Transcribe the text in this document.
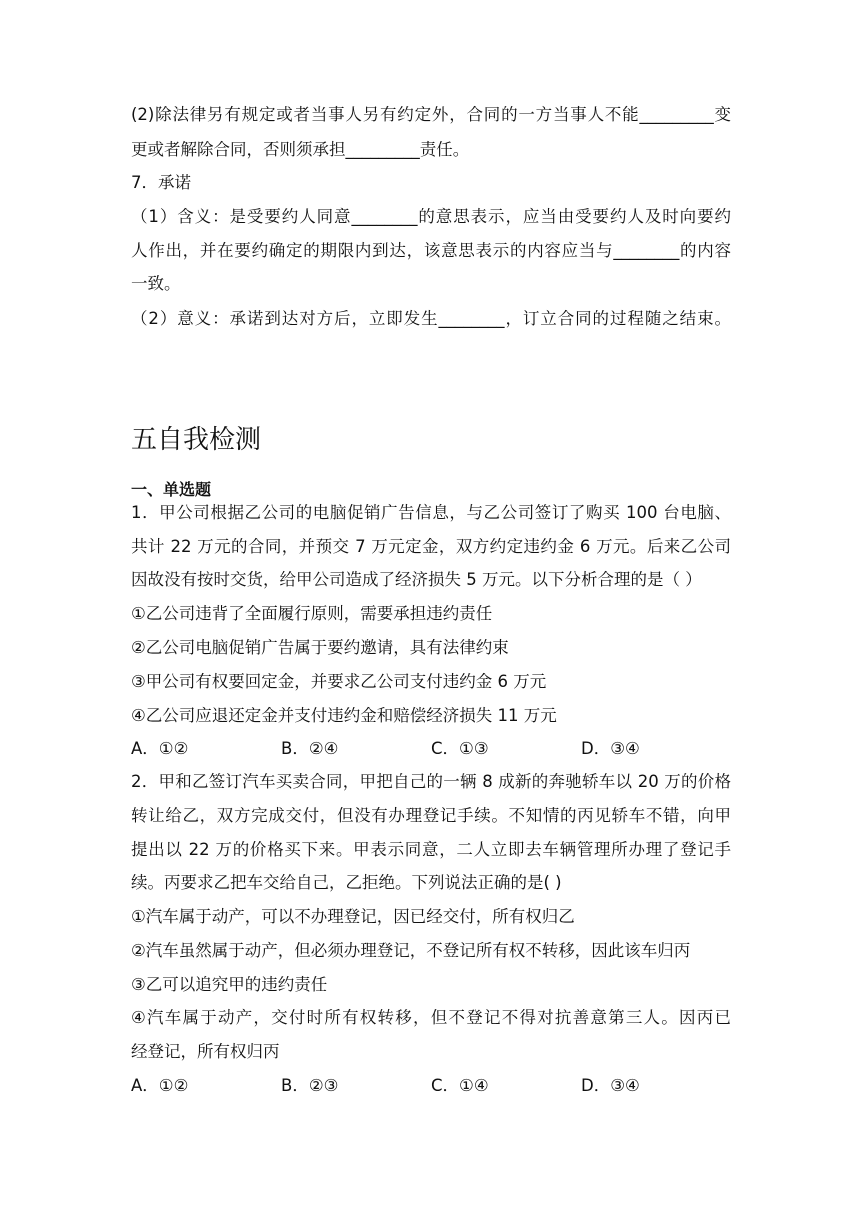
(2)除法律另有规定或者当事人另有约定外，合同的一方当事人不能_________变
更或者解除合同，否则须承担_________责任。
7．承诺
（1）含义：是受要约人同意________的意思表示，应当由受要约人及时向要约
人作出，并在要约确定的期限内到达，该意思表示的内容应当与________的内容
一致。
（2）意义：承诺到达对方后，立即发生________，订立合同的过程随之结束。
五自我检测
一、单选题
1．甲公司根据乙公司的电脑促销广告信息，与乙公司签订了购买 100 台电脑、
共计 22 万元的合同，并预交 7 万元定金，双方约定违约金 6 万元。后来乙公司
因故没有按时交货，给甲公司造成了经济损失 5 万元。以下分析合理的是（ ）
①乙公司违背了全面履行原则，需要承担违约责任
②乙公司电脑促销广告属于要约邀请，具有法律约束
③甲公司有权要回定金，并要求乙公司支付违约金 6 万元
④乙公司应退还定金并支付违约金和赔偿经济损失 11 万元
A．①②	B．②④	C．①③	D．③④
2．甲和乙签订汽车买卖合同，甲把自己的一辆 8 成新的奔驰轿车以 20 万的价格
转让给乙，双方完成交付，但没有办理登记手续。不知情的丙见轿车不错，向甲
提出以 22 万的价格买下来。甲表示同意，二人立即去车辆管理所办理了登记手
续。丙要求乙把车交给自己，乙拒绝。下列说法正确的是( )
①汽车属于动产，可以不办理登记，因已经交付，所有权归乙
②汽车虽然属于动产，但必须办理登记，不登记所有权不转移，因此该车归丙
③乙可以追究甲的违约责任
④汽车属于动产，交付时所有权转移，但不登记不得对抗善意第三人。因丙已
经登记，所有权归丙
A．①②	B．②③	C．①④	D．③④
